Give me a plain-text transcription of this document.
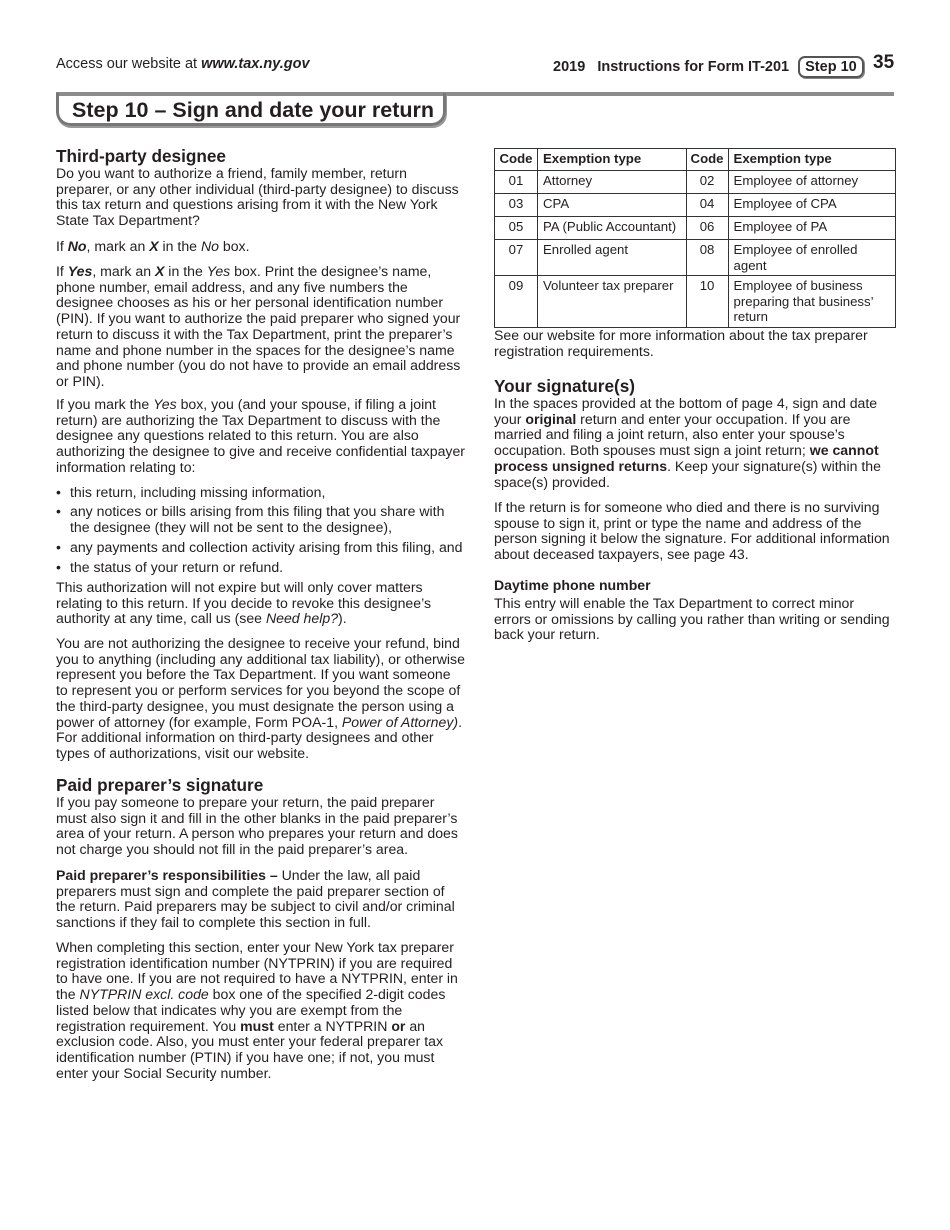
Access our website at www.tax.ny.gov	2019 Instructions for Form IT-201 Step 10 35
Step 10 – Sign and date your return
Third-party designee

Do you want to authorize a friend, family member, return preparer, or any other individual (third-party designee) to discuss this tax return and questions arising from it with the New York State Tax Department?

If No, mark an X in the No box.

If Yes, mark an X in the Yes box. Print the designee’s name, phone number, email address, and any five numbers the designee chooses as his or her personal identification number (PIN). If you want to authorize the paid preparer who signed your return to discuss it with the Tax Department, print the preparer’s name and phone number in the spaces for the designee’s name and phone number (you do not have to provide an email address or PIN).

If you mark the Yes box, you (and your spouse, if filing a joint return) are authorizing the Tax Department to discuss with the designee any questions related to this return. You are also authorizing the designee to give and receive confidential taxpayer information relating to:

• this return, including missing information,
• any notices or bills arising from this filing that you share with the designee (they will not be sent to the designee),
• any payments and collection activity arising from this filing, and
• the status of your return or refund.

This authorization will not expire but will only cover matters relating to this return. If you decide to revoke this designee’s authority at any time, call us (see Need help?).

You are not authorizing the designee to receive your refund, bind you to anything (including any additional tax liability), or otherwise represent you before the Tax Department. If you want someone to represent you or perform services for you beyond the scope of the third-party designee, you must designate the person using a power of attorney (for example, Form POA-1, Power of Attorney). For additional information on third-party designees and other types of authorizations, visit our website.

Paid preparer’s signature

If you pay someone to prepare your return, the paid preparer must also sign it and fill in the other blanks in the paid preparer’s area of your return. A person who prepares your return and does not charge you should not fill in the paid preparer’s area.

Paid preparer’s responsibilities – Under the law, all paid preparers must sign and complete the paid preparer section of the return. Paid preparers may be subject to civil and/or criminal sanctions if they fail to complete this section in full.

When completing this section, enter your New York tax preparer registration identification number (NYTPRIN) if you are required to have one. If you are not required to have a NYTPRIN, enter in the NYTPRIN excl. code box one of the specified 2-digit codes listed below that indicates why you are exempt from the registration requirement. You must enter a NYTPRIN or an exclusion code. Also, you must enter your federal preparer tax identification number (PTIN) if you have one; if not, you must enter your Social Security number.

Code	Exemption type	Code	Exemption type
01	Attorney	02	Employee of attorney
03	CPA	04	Employee of CPA
05	PA (Public Accountant)	06	Employee of PA
07	Enrolled agent	08	Employee of enrolled agent
09	Volunteer tax preparer	10	Employee of business preparing that business’ return

See our website for more information about the tax preparer registration requirements.

Your signature(s)

In the spaces provided at the bottom of page 4, sign and date your original return and enter your occupation. If you are married and filing a joint return, also enter your spouse’s occupation. Both spouses must sign a joint return; we cannot process unsigned returns. Keep your signature(s) within the space(s) provided.

If the return is for someone who died and there is no surviving spouse to sign it, print or type the name and address of the person signing it below the signature. For additional information about deceased taxpayers, see page 43.

Daytime phone number

This entry will enable the Tax Department to correct minor errors or omissions by calling you rather than writing or sending back your return.
